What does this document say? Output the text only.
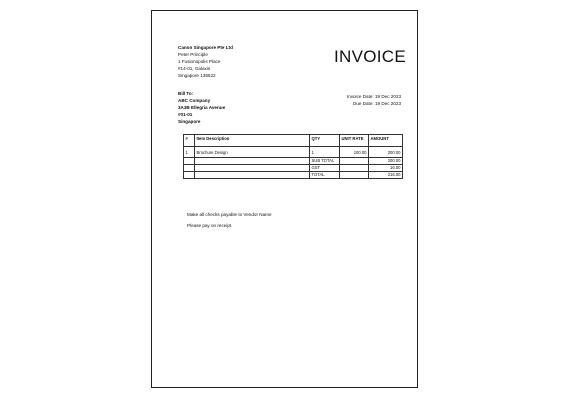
Canon Singapore Pte Ltd
Peter Principle
1 Fusionopolis Place
#14-01, Galaxis
Singapore 138522
INVOICE
Bill To:
ABC Company
3A3B Ellegria Avenue
#01-01
Singapore
Invoice Date: 19 Dec 2023
Due Date: 19 Dec 2023
#	Item Description	QTY	UNIT RATE	AMOUNT

1	Brochure Design	1	100.00	200.00
		SUB TOTAL		200.00
		GST		16.00
		TOTAL		216.00

Make all checks payable to Vendor Name

Please pay on receipt.
